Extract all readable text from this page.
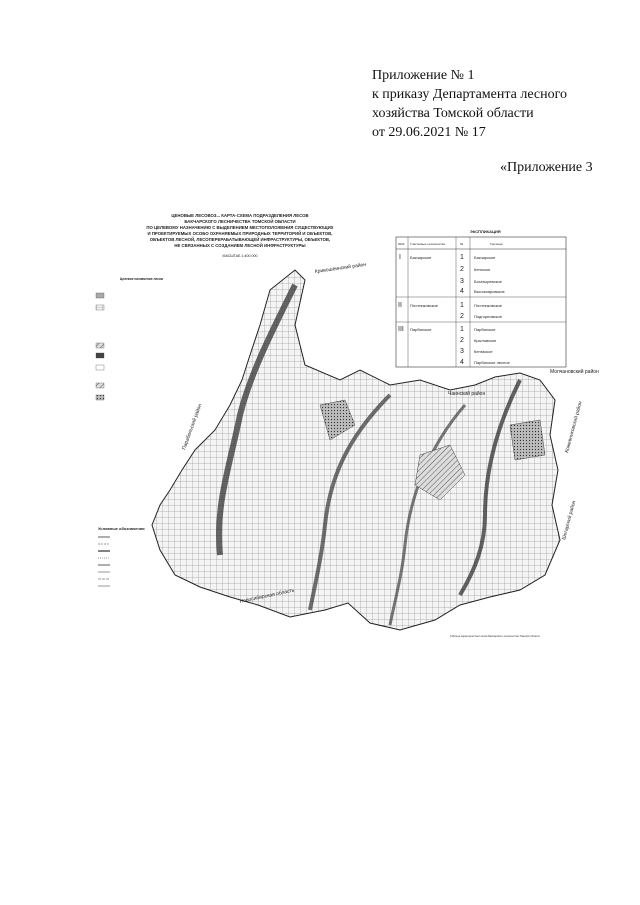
Приложение № 1
к приказу Департамента лесного
хозяйства Томской области
от 29.06.2021 № 17
«Приложение 3
ЦЕНОВЫЕ ЛЕСОВОЗ... КАРТА-СХЕМА ПОДРАЗДЕЛЕНИЯ ЛЕСОВ
БАКЧАРСКОГО ЛЕСНИЧЕСТВА ТОМСКОЙ ОБЛАСТИ
ПО ЦЕЛЕВОМУ НАЗНАЧЕНИЮ С ВЫДЕЛЕНИЕМ МЕСТОПОЛОЖЕНИЯ СУЩЕСТВУЮЩИХ
И ПРОЕКТИРУЕМЫХ ОСОБО ОХРАНЯЕМЫХ ПРИРОДНЫХ ТЕРРИТОРИЙ И ОБЪЕКТОВ,
ОБЪЕКТОВ ЛЕСНОЙ, ЛЕСОПЕРЕРАБАТЫВАЮЩЕЙ ИНФРАСТРУКТУРЫ, ОБЪЕКТОВ,
НЕ СВЯЗАННЫХ С СОЗДАНИЕМ ЛЕСНОЙ ИНФРАСТРУКТУРЫ
МАСШТАБ 1:400 000
Кривошеинский район
Парабельский район
Чаинский район
Молчановский район
Кожевниковский район
Шегарский район
Новосибирская область
ЭКСПЛИКАЦИЯ
№№ Участковые лесничества	№	Урочища
I Бакчарское	1	Бакчарское
2	Кенгское
3	Богатыревское
4	Высокояровское
II Плотниковское	1	Плотниковское
2	Подгорновское
III Парбигское	1	Парбигское
2	Крыловское
3	Кенгаское
4	Парбигское лесное
Целевое назначение лесов
Условные обозначения
Таблица характеристики лесов Бакчарского лесничества Томской области
